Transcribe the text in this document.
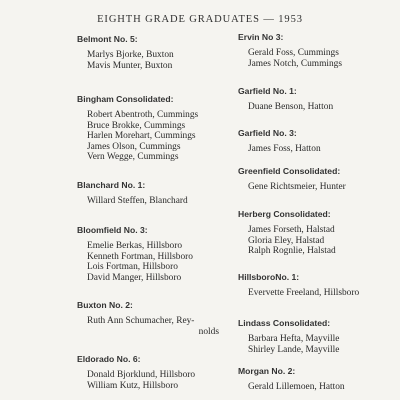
EIGHTH GRADE GRADUATES — 1953
Belmont No. 5:
Marlys Bjorke, Buxton
Mavis Munter, Buxton
Bingham Consolidated:
Robert Abentroth, Cummings
Bruce Brokke, Cummings
Harlen Morehart, Cummings
James Olson, Cummings
Vern Wegge, Cummings
Blanchard No. 1:
Willard Steffen, Blanchard
Bloomfield No. 3:
Emelie Berkas, Hillsboro
Kenneth Fortman, Hillsboro
Lois Fortman, Hillsboro
David Manger, Hillsboro
Buxton No. 2:
Ruth Ann Schumacher, Rey-
nolds
Eldorado No. 6:
Donald Bjorklund, Hillsboro
William Kutz, Hillsboro
Ervin No 3:
Gerald Foss, Cummings
James Notch, Cummings
Garfield No. 1:
Duane Benson, Hatton
Garfield No. 3:
James Foss, Hatton
Greenfield Consolidated:
Gene Richtsmeier, Hunter
Herberg Consolidated:
James Forseth, Halstad
Gloria Eley, Halstad
Ralph Rognlie, Halstad
HillsboroNo. 1:
Evervette Freeland, Hillsboro
Lindass Consolidated:
Barbara Hefta, Mayville
Shirley Lande, Mayville
Morgan No. 2:
Gerald Lillemoen, Hatton
